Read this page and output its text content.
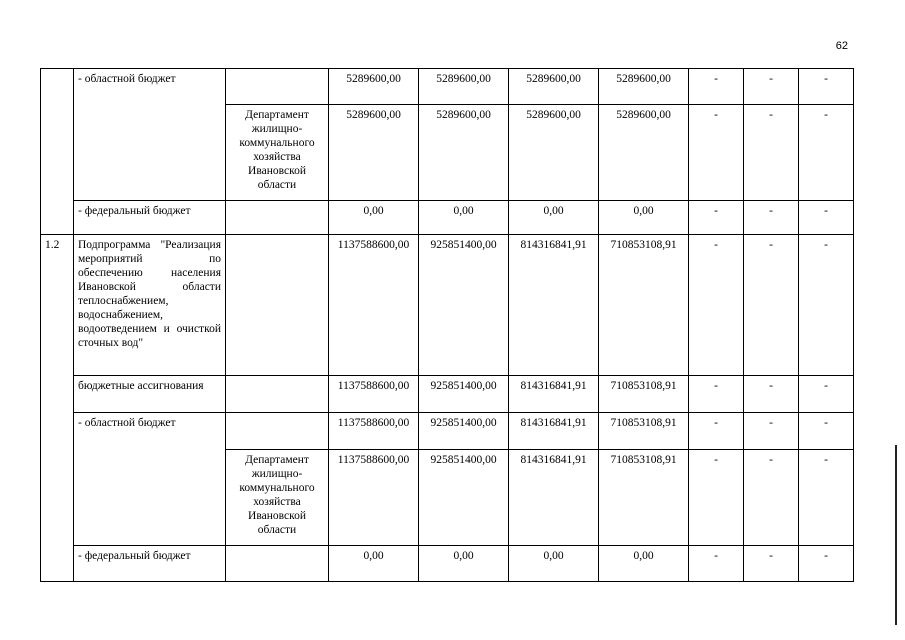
62
	- областной бюджет		5289600,00	5289600,00	5289600,00	5289600,00	-	-	-
		Департамент жилищно-коммунального хозяйства Ивановской области	5289600,00	5289600,00	5289600,00	5289600,00	-	-	-
	- федеральный бюджет		0,00	0,00	0,00	0,00	-	-	-
1.2	Подпрограмма "Реализация мероприятий по обеспечению населения Ивановской области теплоснабжением, водоснабжением, водоотведением и очисткой сточных вод"		1137588600,00	925851400,00	814316841,91	710853108,91	-	-	-
	бюджетные ассигнования		1137588600,00	925851400,00	814316841,91	710853108,91	-	-	-
	- областной бюджет		1137588600,00	925851400,00	814316841,91	710853108,91	-	-	-
		Департамент жилищно-коммунального хозяйства Ивановской области	1137588600,00	925851400,00	814316841,91	710853108,91	-	-	-
	- федеральный бюджет		0,00	0,00	0,00	0,00	-	-	-
